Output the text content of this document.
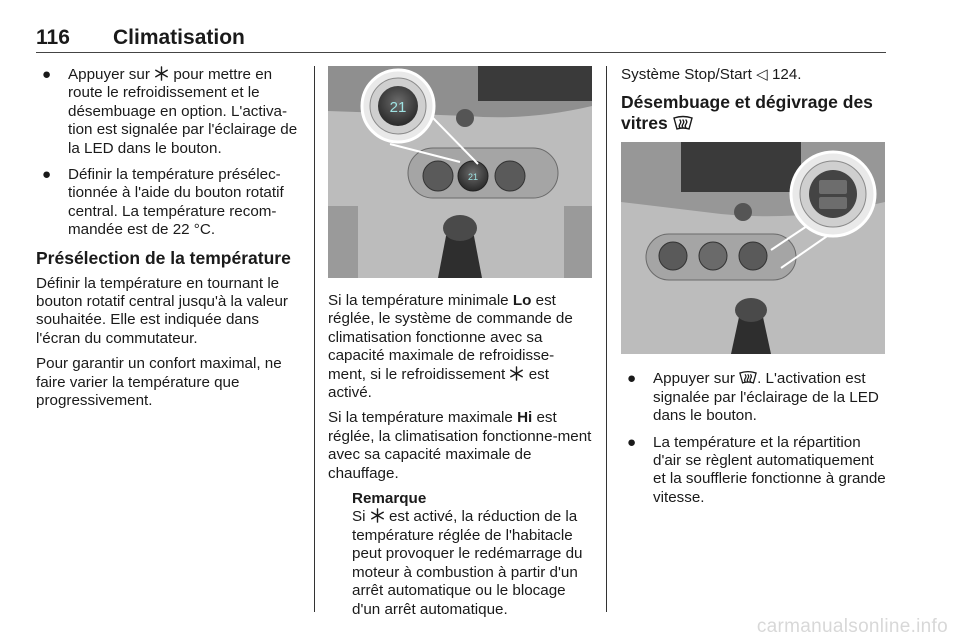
116 Climatisation
● Appuyer sur  pour mettre en route le refroidissement et le désembuage en option. L'activa-tion est signalée par l'éclairage de la LED dans le bouton.
● Définir la température présélec-tionnée à l'aide du bouton rotatif central. La température recom-mandée est de 22 °C.
Présélection de la température

Définir la température en tournant le bouton rotatif central jusqu'à la valeur souhaitée. Elle est indiquée dans l'écran du commutateur.

Pour garantir un confort maximal, ne faire varier la température que progressivement.

21
21

Si la température minimale Lo est réglée, le système de commande de climatisation fonctionne avec sa capacité maximale de refroidisse-ment, si le refroidissement  est activé.

Si la température maximale Hi est réglée, la climatisation fonctionne-ment avec sa capacité maximale de chauffage.

Remarque
Si  est activé, la réduction de la température réglée de l'habitacle peut provoquer le redémarrage du moteur à combustion à partir d'un arrêt automatique ou le blocage d'un arrêt automatique.

Système Stop/Start ◁ 124.

Désembuage et dégivrage des vitres
● Appuyer sur . L'activation est signalée par l'éclairage de la LED dans le bouton.
● La température et la répartition d'air se règlent automatiquement et la soufflerie fonctionne à grande vitesse.
carmanualsonline.info
